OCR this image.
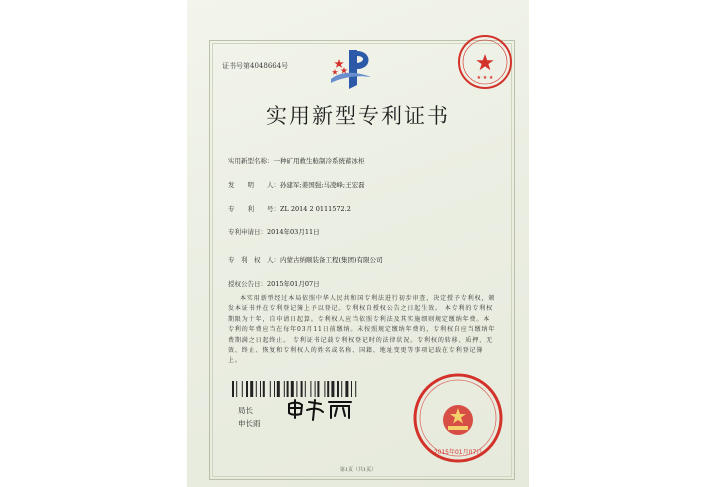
证书号第4048664号
★ ★ ★
实用新型专利证书
实用新型名称：一种矿用救生舱制冷系统蓄冰柜
发　　明　　人：孙建军;姜国强;马凌峰;王宏磊
专　　利　　号：ZL 2014 2 0111572.2
专利申请日：2014年03月11日
专　利　权　人：内蒙古纳顺装备工程(集团)有限公司
授权公告日：2015年01月07日
本实用新型经过本局依照中华人民共和国专利法进行初步审查，决定授予专利权，颁发本证书并在专利登记簿上予以登记。专利权自授权公告之日起生效。 本专利的专利权期限为十年，自申请日起算。专利权人应当依照专利法及其实施细则规定缴纳年费。本专利的年费应当在每年03月11日前缴纳。未按照规定缴纳年费的，专利权自应当缴纳年费期满之日起终止。 专利证书记载专利权登记时的法律状况。专利权的转移、质押、无效、终止、恢复和专利权人的姓名或名称、国籍、地址变更等事项记载在专利登记簿上。
局长
申长雨
2015年01月07日
第1页（共1页）
